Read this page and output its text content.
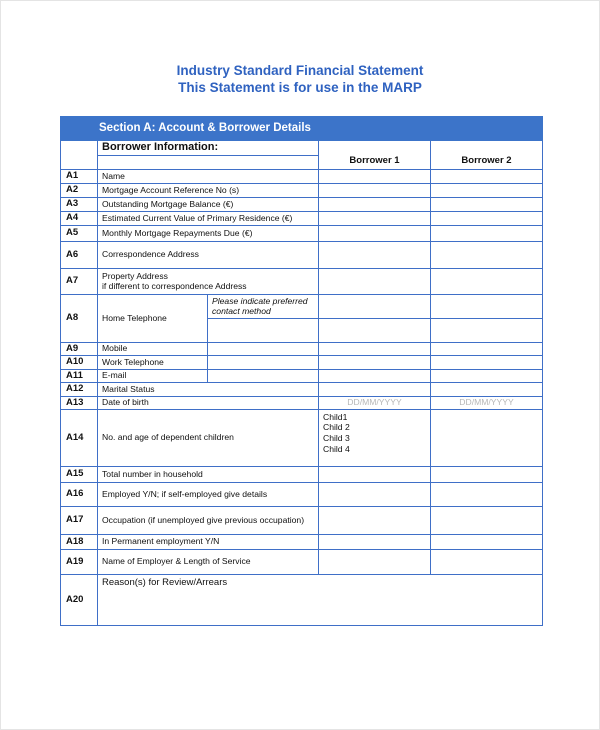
Industry Standard Financial Statement
This Statement is for use in the MARP
Section A: Account & Borrower Details				
	Borrower Information:		Borrower 1	Borrower 2

A1	Name			
A2	Mortgage Account Reference No (s)			
A3	Outstanding Mortgage Balance (€)			
A4	Estimated Current Value of Primary Residence (€)			
A5	Monthly Mortgage Repayments Due (€)			
A6	Correspondence Address			
A7	Property Address
if different to correspondence Address			
A8	Home Telephone	Please indicate preferred
contact method		

A9	Mobile			
A10	Work Telephone			
A11	E-mail			
A12	Marital Status			
A13	Date of birth		DD/MM/YYYY	DD/MM/YYYY
A14	No. and age of dependent children		Child1
Child 2
Child 3
Child 4	

A15	Total number in household			
A16	Employed Y/N; if self-employed give details			
A17	Occupation (if unemployed give previous occupation)			
A18	In Permanent employment Y/N			
A19	Name of Employer & Length of Service			
A20	Reason(s) for Review/Arrears			
